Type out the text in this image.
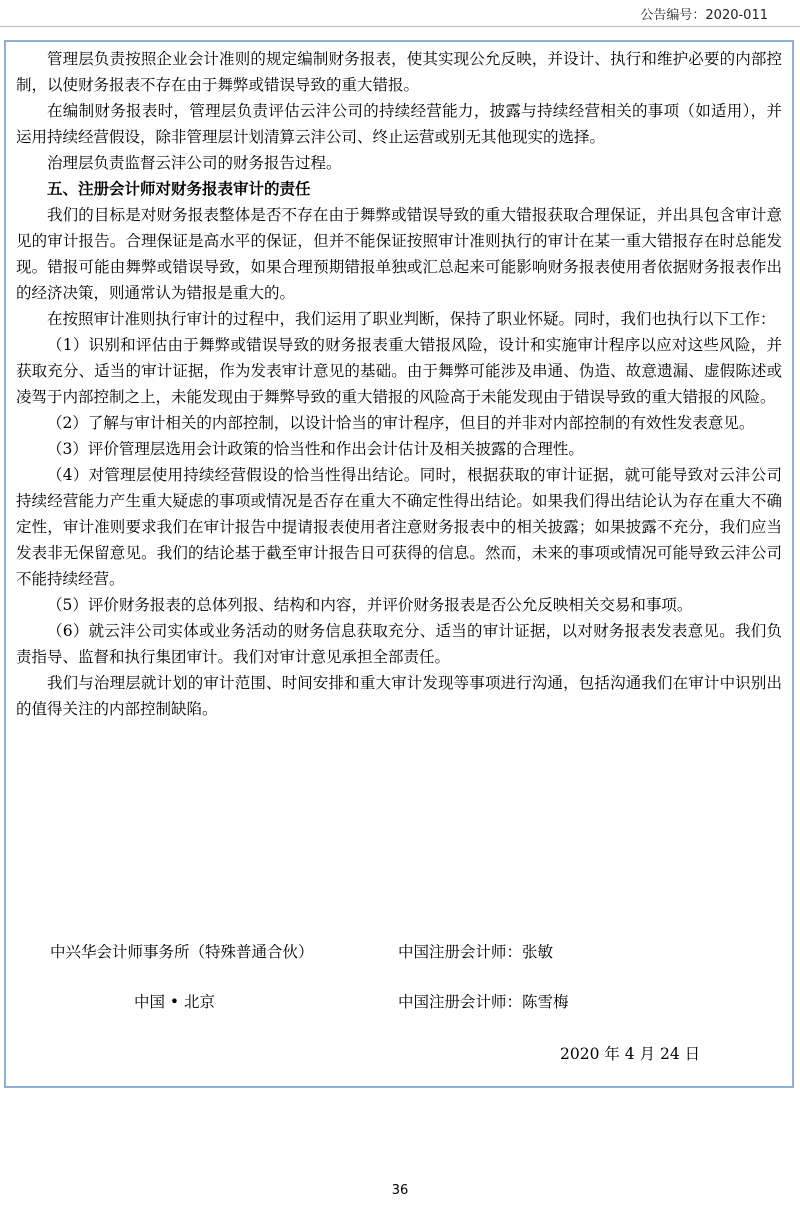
公告编号：2020-011

管理层负责按照企业会计准则的规定编制财务报表，使其实现公允反映，并设计、执行和维护必要的内部控制，以使财务报表不存在由于舞弊或错误导致的重大错报。

在编制财务报表时，管理层负责评估云沣公司的持续经营能力，披露与持续经营相关的事项（如适用），并运用持续经营假设，除非管理层计划清算云沣公司、终止运营或别无其他现实的选择。

治理层负责监督云沣公司的财务报告过程。

五、注册会计师对财务报表审计的责任

我们的目标是对财务报表整体是否不存在由于舞弊或错误导致的重大错报获取合理保证，并出具包含审计意见的审计报告。合理保证是高水平的保证，但并不能保证按照审计准则执行的审计在某一重大错报存在时总能发现。错报可能由舞弊或错误导致，如果合理预期错报单独或汇总起来可能影响财务报表使用者依据财务报表作出的经济决策，则通常认为错报是重大的。

在按照审计准则执行审计的过程中，我们运用了职业判断，保持了职业怀疑。同时，我们也执行以下工作：

（1）识别和评估由于舞弊或错误导致的财务报表重大错报风险，设计和实施审计程序以应对这些风险，并获取充分、适当的审计证据，作为发表审计意见的基础。由于舞弊可能涉及串通、伪造、故意遗漏、虚假陈述或凌驾于内部控制之上，未能发现由于舞弊导致的重大错报的风险高于未能发现由于错误导致的重大错报的风险。

（2）了解与审计相关的内部控制，以设计恰当的审计程序，但目的并非对内部控制的有效性发表意见。

（3）评价管理层选用会计政策的恰当性和作出会计估计及相关披露的合理性。

（4）对管理层使用持续经营假设的恰当性得出结论。同时，根据获取的审计证据，就可能导致对云沣公司持续经营能力产生重大疑虑的事项或情况是否存在重大不确定性得出结论。如果我们得出结论认为存在重大不确定性，审计准则要求我们在审计报告中提请报表使用者注意财务报表中的相关披露；如果披露不充分，我们应当发表非无保留意见。我们的结论基于截至审计报告日可获得的信息。然而，未来的事项或情况可能导致云沣公司不能持续经营。

（5）评价财务报表的总体列报、结构和内容，并评价财务报表是否公允反映相关交易和事项。

（6）就云沣公司实体或业务活动的财务信息获取充分、适当的审计证据，以对财务报表发表意见。我们负责指导、监督和执行集团审计。我们对审计意见承担全部责任。

我们与治理层就计划的审计范围、时间安排和重大审计发现等事项进行沟通，包括沟通我们在审计中识别出的值得关注的内部控制缺陷。

中兴华会计师事务所（特殊普通合伙）	中国注册会计师：张敏
中国 • 北京	中国注册会计师：陈雪梅
2020 年 4 月 24 日
36
